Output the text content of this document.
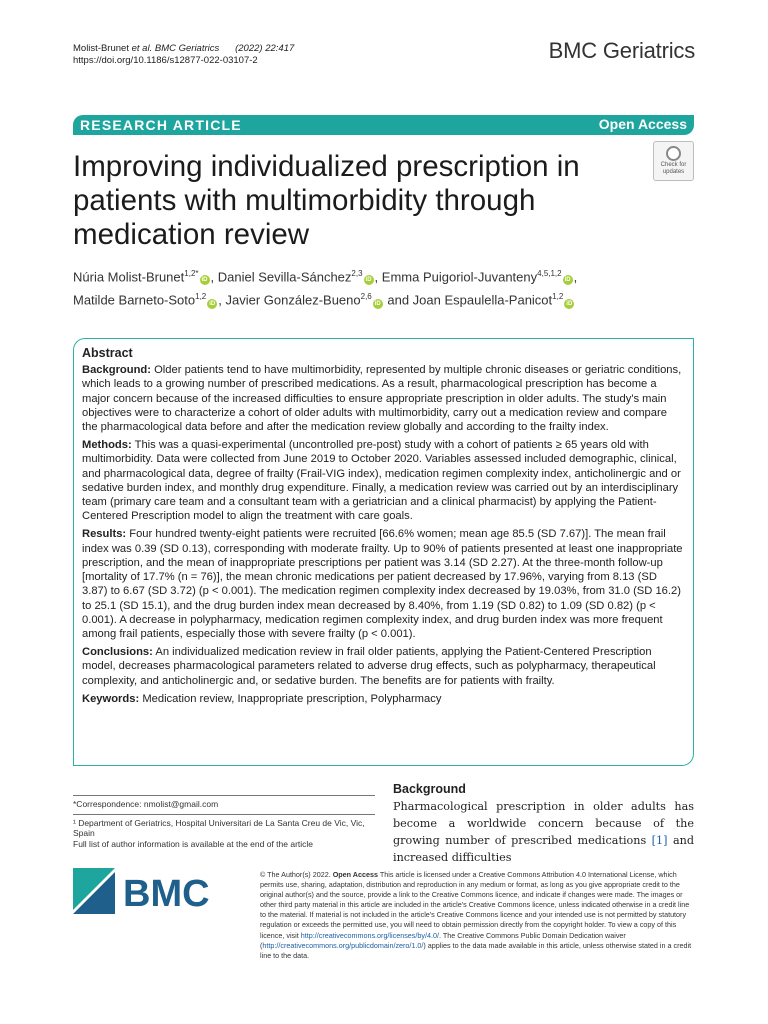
Molist-Brunet et al. BMC Geriatrics (2022) 22:417
https://doi.org/10.1186/s12877-022-03107-2	BMC Geriatrics
RESEARCH ARTICLE	Open Access
Check for
updates
Improving individualized prescription in patients with multimorbidity through medication review
Núria Molist-Brunet$^{1,2*}$iD , Daniel Sevilla-Sánchez$^{2,3}$iD , Emma Puigoriol-Juvanteny$^{4,5,1,2}$iD ,
Matilde Barneto-Soto$^{1,2}$iD , Javier González-Bueno$^{2,6}$iD and Joan Espaulella-Panicot$^{1,2}$iD
Abstract

Background: Older patients tend to have multimorbidity, represented by multiple chronic diseases or geriatric conditions, which leads to a growing number of prescribed medications. As a result, pharmacological prescription has become a major concern because of the increased difficulties to ensure appropriate prescription in older adults. The study's main objectives were to characterize a cohort of older adults with multimorbidity, carry out a medication review and compare the pharmacological data before and after the medication review globally and according to the frailty index.

Methods: This was a quasi-experimental (uncontrolled pre-post) study with a cohort of patients ≥ 65 years old with multimorbidity. Data were collected from June 2019 to October 2020. Variables assessed included demographic, clinical, and pharmacological data, degree of frailty (Frail-VIG index), medication regimen complexity index, anticholinergic and or sedative burden index, and monthly drug expenditure. Finally, a medication review was carried out by an interdisciplinary team (primary care team and a consultant team with a geriatrician and a clinical pharmacist) by applying the Patient-Centered Prescription model to align the treatment with care goals.

Results: Four hundred twenty-eight patients were recruited [66.6% women; mean age 85.5 (SD 7.67)]. The mean frail index was 0.39 (SD 0.13), corresponding with moderate frailty. Up to 90% of patients presented at least one inappropriate prescription, and the mean of inappropriate prescriptions per patient was 3.14 (SD 2.27). At the three-month follow-up [mortality of 17.7% (n = 76)], the mean chronic medications per patient decreased by 17.96%, varying from 8.13 (SD 3.87) to 6.67 (SD 3.72) (p < 0.001). The medication regimen complexity index decreased by 19.03%, from 31.0 (SD 16.2) to 25.1 (SD 15.1), and the drug burden index mean decreased by 8.40%, from 1.19 (SD 0.82) to 1.09 (SD 0.82) (p < 0.001). A decrease in polypharmacy, medication regimen complexity index, and drug burden index was more frequent among frail patients, especially those with severe frailty (p < 0.001).

Conclusions: An individualized medication review in frail older patients, applying the Patient-Centered Prescription model, decreases pharmacological parameters related to adverse drug effects, such as polypharmacy, therapeutical complexity, and anticholinergic and, or sedative burden. The benefits are for patients with frailty.

Keywords: Medication review, Inappropriate prescription, Polypharmacy

*Correspondence: nmolist@gmail.com

¹ Department of Geriatrics, Hospital Universitari de La Santa Creu de Vic, Vic, Spain

Full list of author information is available at the end of the article

Background
Pharmacological prescription in older adults has become a worldwide concern because of the growing number of prescribed medications [1] and increased difficulties
BMC	© The Author(s) 2022. Open Access This article is licensed under a Creative Commons Attribution 4.0 International License, which permits use, sharing, adaptation, distribution and reproduction in any medium or format, as long as you give appropriate credit to the original author(s) and the source, provide a link to the Creative Commons licence, and indicate if changes were made. The images or other third party material in this article are included in the article's Creative Commons licence, unless indicated otherwise in a credit line to the material. If material is not included in the article's Creative Commons licence and your intended use is not permitted by statutory regulation or exceeds the permitted use, you will need to obtain permission directly from the copyright holder. To view a copy of this licence, visit http://creativecommons.org/licenses/by/4.0/. The Creative Commons Public Domain Dedication waiver (http://creativecommons.org/publicdomain/zero/1.0/) applies to the data made available in this article, unless otherwise stated in a credit line to the data.
